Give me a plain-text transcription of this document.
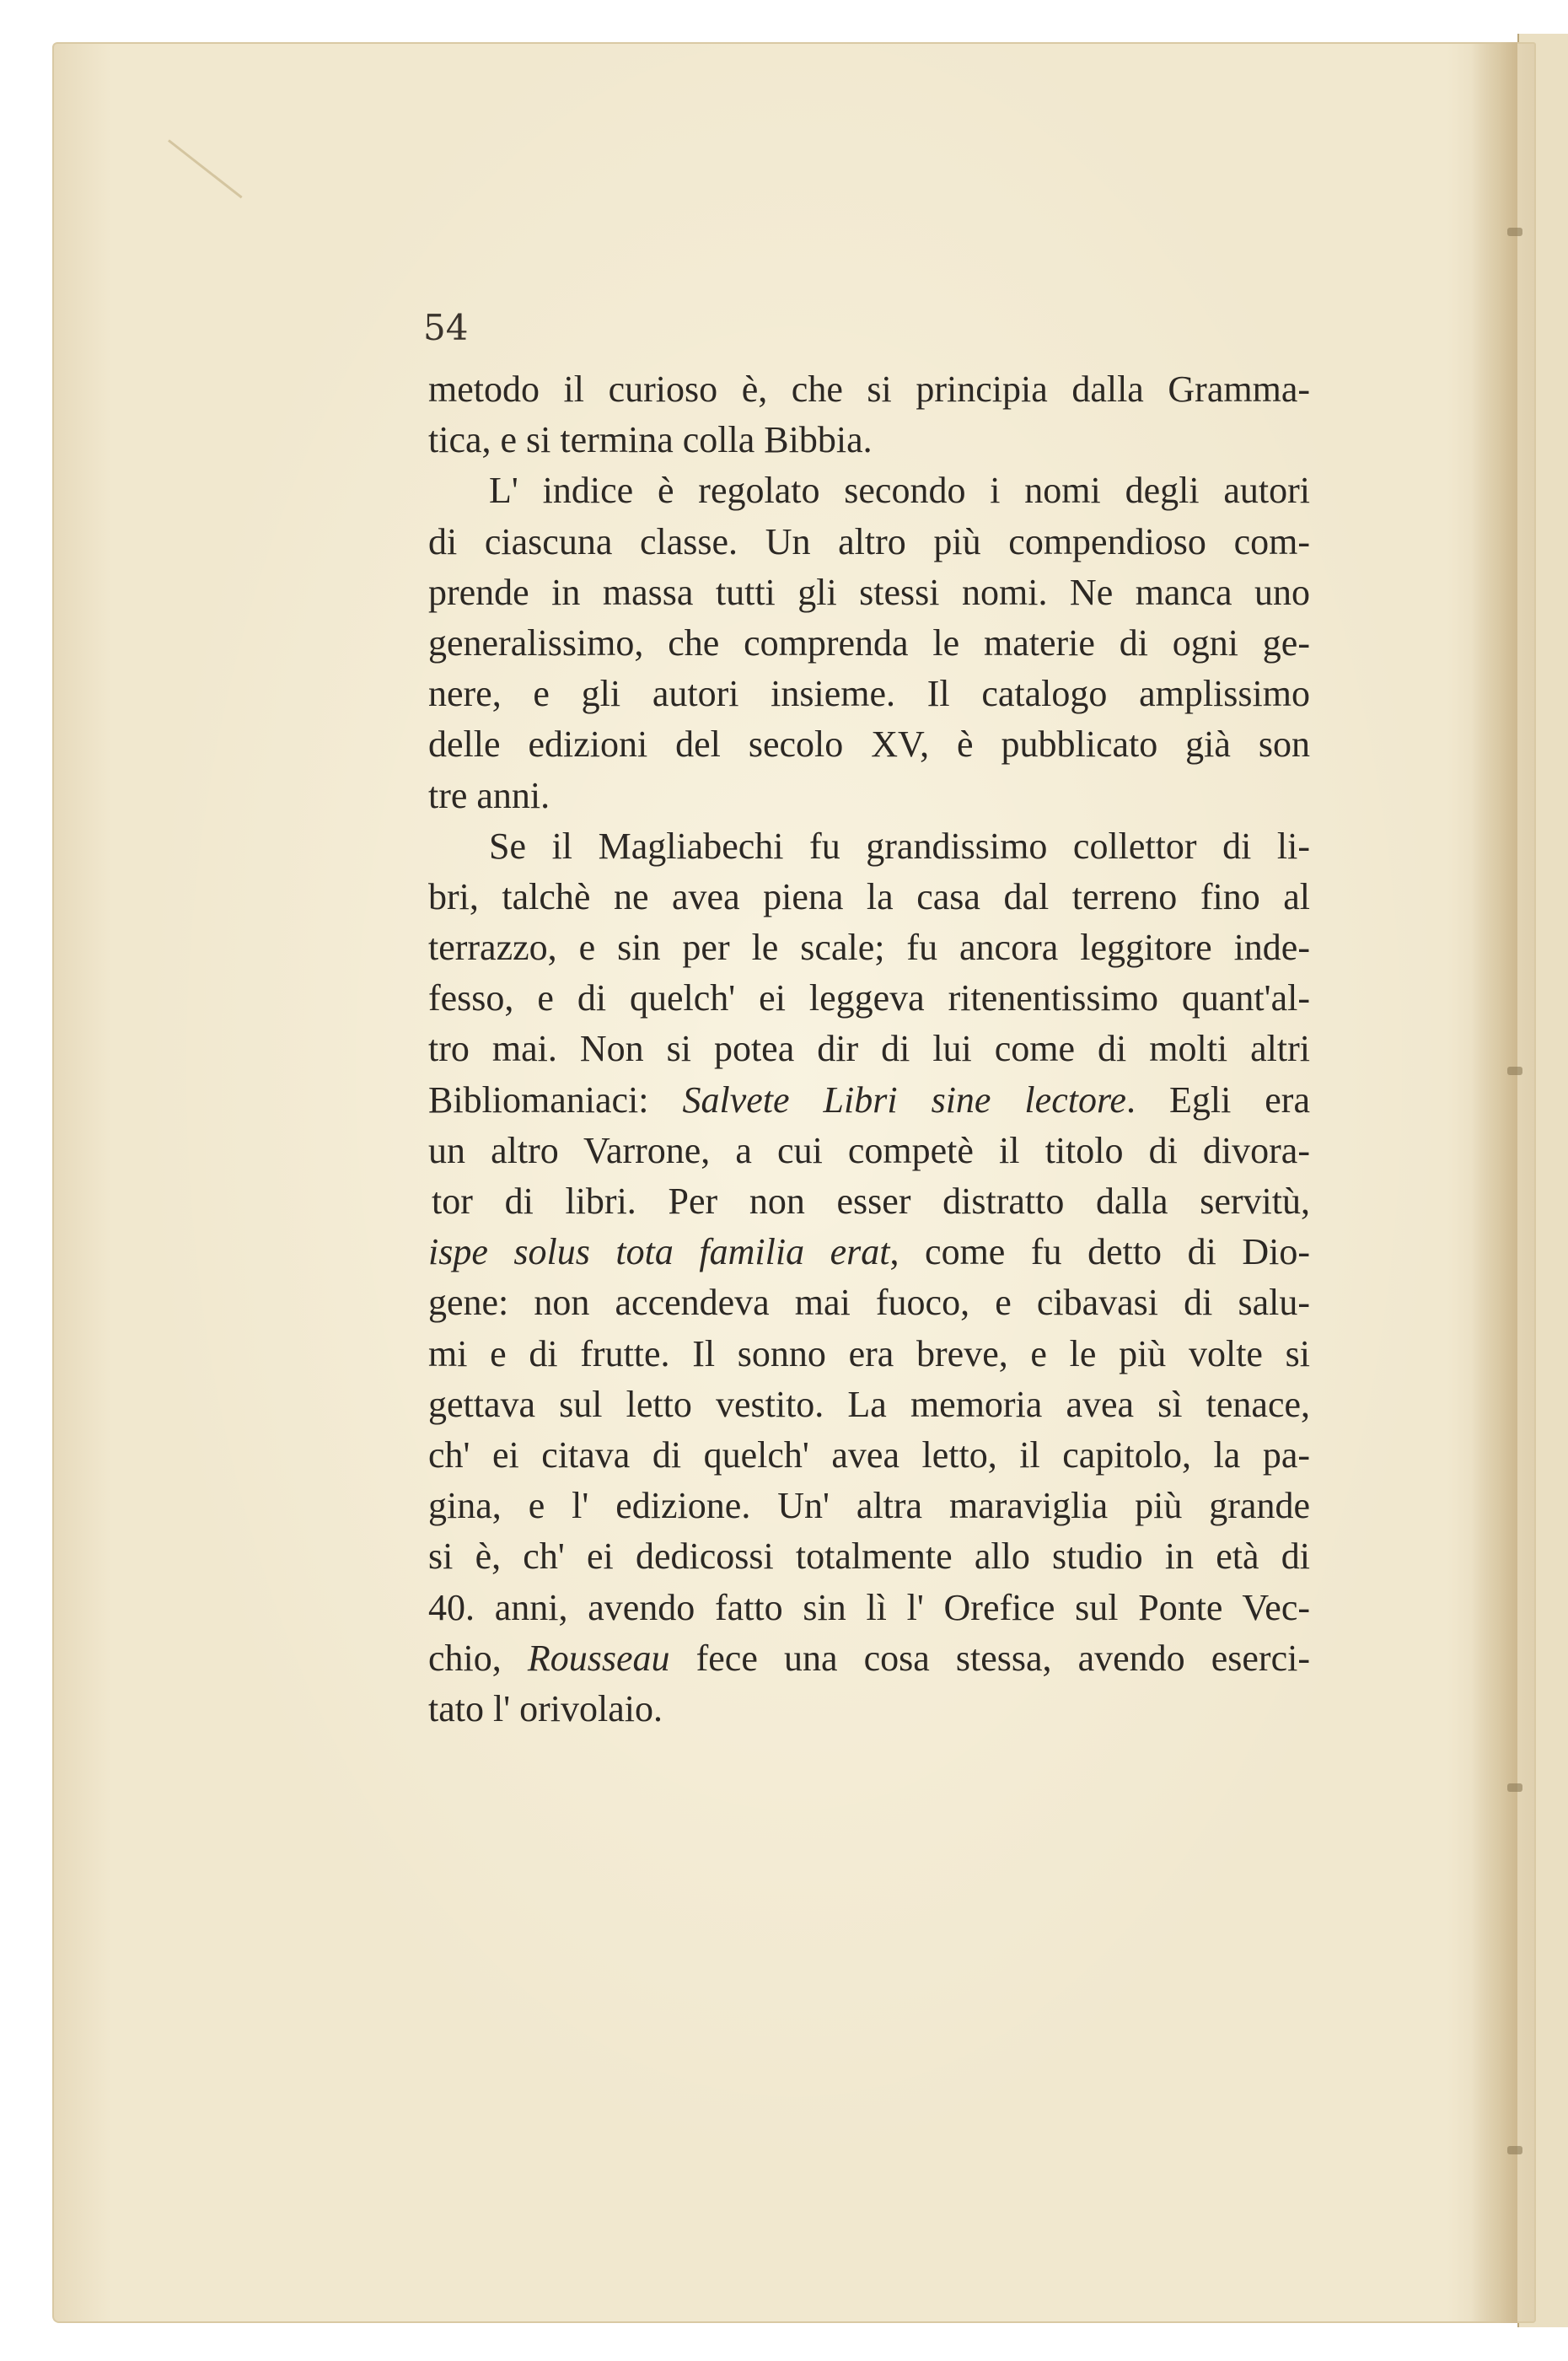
54

metodo il curioso è, che si principia dalla Gramma-
tica, e si termina colla Bibbia.
L' indice è regolato secondo i nomi degli autori
di ciascuna classe. Un altro più compendioso com-
prende in massa tutti gli stessi nomi. Ne manca uno
generalissimo, che comprenda le materie di ogni ge-
nere, e gli autori insieme. Il catalogo amplissimo
delle edizioni del secolo XV, è pubblicato già son
tre anni.
Se il Magliabechi fu grandissimo collettor di li-
bri, talchè ne avea piena la casa dal terreno fino al
terrazzo, e sin per le scale; fu ancora leggitore inde-
fesso, e di quelch' ei leggeva ritenentissimo quant'al-
tro mai. Non si potea dir di lui come di molti altri
Bibliomaniaci: Salvete Libri sine lectore. Egli era
un altro Varrone, a cui competè il titolo di divora-
tor di libri. Per non esser distratto dalla servitù,
ispe solus tota familia erat, come fu detto di Dio-
gene: non accendeva mai fuoco, e cibavasi di salu-
mi e di frutte. Il sonno era breve, e le più volte si
gettava sul letto vestito. La memoria avea sì tenace,
ch' ei citava di quelch' avea letto, il capitolo, la pa-
gina, e l' edizione. Un' altra maraviglia più grande
si è, ch' ei dedicossi totalmente allo studio in età di
40. anni, avendo fatto sin lì l' Orefice sul Ponte Vec-
chio, Rousseau fece una cosa stessa, avendo eserci-
tato l' orivolaio.
